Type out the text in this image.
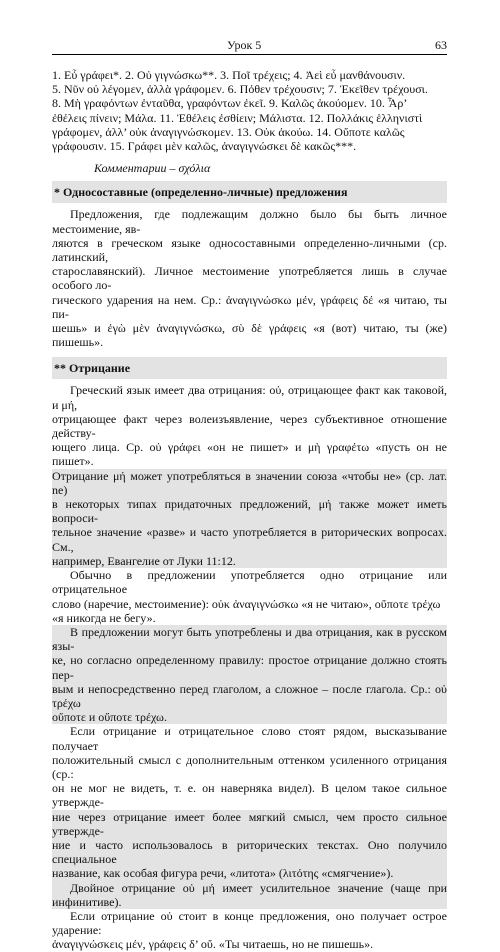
Урок 5	63

1. Εὖ γράφει*. 2. Οὐ γιγνώσκω**. 3. Ποῖ τρέχεις; 4. Ἀεὶ εὖ μανθάνουσιν.

5. Νῦν οὐ λέγομεν, ἀλλὰ γράφομεν. 6. Πόθεν τρέχουσιν; 7. Ἐκεῖθεν τρέχουσι.

8. Μὴ γραφόντων ἐνταῦθα, γραφόντων ἐκεῖ. 9. Καλῶς ἀκούομεν. 10. Ἆρ’

ἐθέλεις πίνειν; Μάλα. 11. Ἐθέλεις ἐσθίειν; Μάλιστα. 12. Πολλάκις ἑλληνιστὶ

γράφομεν, ἀλλ’ οὐκ ἀναγιγνώσκομεν. 13. Οὐκ ἀκούω. 14. Οὔποτε καλῶς

γράφουσιν. 15. Γράφει μὲν καλῶς, ἀναγιγνώσκει δὲ κακῶς***.

Комментарии – σχόλια

* Односоставные (определенно-личные) предложения

Предложения, где подлежащим должно было бы быть личное местоимение, яв-

ляются в греческом языке односоставными определенно-личными (ср. латинский,

старославянский). Личное местоимение употребляется лишь в случае особого ло-

гического ударения на нем. Ср.: ἀναγιγνώσκω μέν, γράφεις δέ «я читаю, ты пи-

шешь» и ἐγὼ μὲν ἀναγιγνώσκω, σὺ δὲ γράφεις «я (вот) читаю, ты (же) пишешь».

** Отрицание

Греческий язык имеет два отрицания: οὐ, отрицающее факт как таковой, и μή,

отрицающее факт через волеизъявление, через субъективное отношение действу-

ющего лица. Ср. οὐ γράφει «он не пишет» и μὴ γραφέτω «пусть он не пишет».

Отрицание μή может употребляться в значении союза «чтобы не» (ср. лат. ne)

в некоторых типах придаточных предложений, μή также может иметь вопроси-

тельное значение «разве» и часто употребляется в риторических вопросах. См.,

например, Евангелие от Луки 11:12.

Обычно в предложении употребляется одно отрицание или отрицательное

слово (наречие, местоимение): οὐκ ἀναγιγνώσκω «я не читаю», οὔποτε τρέχω

«я никогда не бегу».

В предложении могут быть употреблены и два отрицания, как в русском язы-

ке, но согласно определенному правилу: простое отрицание должно стоять пер-

вым и непосредственно перед глаголом, а сложное – после глагола. Ср.: οὐ τρέχω

οὔποτε и οὔποτε τρέχω.

Если отрицание и отрицательное слово стоят рядом, высказывание получает

положительный смысл с дополнительным оттенком усиленного отрицания (ср.:

он не мог не видеть, т. е. он наверняка видел). В целом такое сильное утвержде-

ние через отрицание имеет более мягкий смысл, чем просто сильное утвержде-

ние и часто использовалось в риторических текстах. Оно получило специальное

название, как особая фигура речи, «литота» (λιτότης «смягчение»).

Двойное отрицание οὐ μή имеет усилительное значение (чаще при инфинитиве).

Если отрицание οὐ стоит в конце предложения, оно получает острое ударение:

ἀναγιγνώσκεις μέν, γράφεις δ’ οὔ. «Ты читаешь, но не пишешь».
